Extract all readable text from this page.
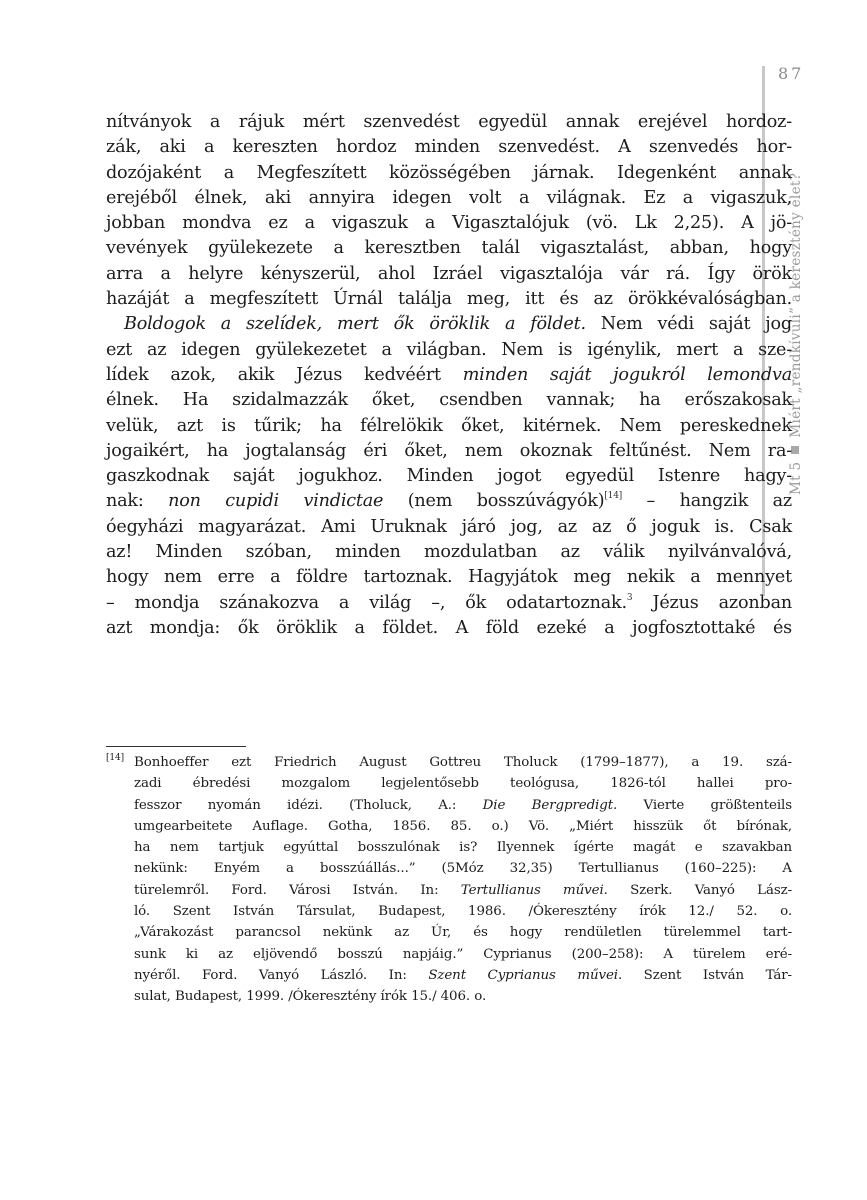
87
Mt 5Miért „rendkívüli” a keresztény élet?
nítványok a rájuk mért szenvedést egyedül annak erejével hordoz-
zák, aki a kereszten hordoz minden szenvedést. A szenvedés hor-
dozójaként a Megfeszített közösségében járnak. Idegenként annak
erejéből élnek, aki annyira idegen volt a világnak. Ez a vigaszuk,
jobban mondva ez a vigaszuk a Vigasztalójuk (vö. Lk 2,25). A jö-
vevények gyülekezete a keresztben talál vigasztalást, abban, hogy
arra a helyre kényszerül, ahol Izráel vigasztalója vár rá. Így örök
hazáját a megfeszített Úrnál találja meg, itt és az örökkévalóságban.
Boldogok a szelídek, mert ők öröklik a földet. Nem védi saját jog
ezt az idegen gyülekezetet a világban. Nem is igénylik, mert a sze-
lídek azok, akik Jézus kedvéért minden saját jogukról lemondva
élnek. Ha szidalmazzák őket, csendben vannak; ha erőszakosak
velük, azt is tűrik; ha félrelökik őket, kitérnek. Nem pereskednek
jogaikért, ha jogtalanság éri őket, nem okoznak feltűnést. Nem ra-
gaszkodnak saját jogukhoz. Minden jogot egyedül Istenre hagy-
nak: non cupidi vindictae (nem bosszúvágyók)[14] – hangzik az
óegyházi magyarázat. Ami Uruknak járó jog, az az ő joguk is. Csak
az! Minden szóban, minden mozdulatban az válik nyilvánvalóvá,
hogy nem erre a földre tartoznak. Hagyjátok meg nekik a mennyet
– mondja szánakozva a világ –, ők odatartoznak.$^3$ Jézus azonban
azt mondja: ők öröklik a földet. A föld ezeké a jogfosztottaké és
[14] Bonhoeffer ezt Friedrich August Gottreu Tholuck (1799–1877), a 19. szá-
zadi ébredési mozgalom legjelentősebb teológusa, 1826-tól hallei pro-
fesszor nyomán idézi. (Tholuck, A.: Die Bergpredigt. Vierte größtenteils
umgearbeitete Auflage. Gotha, 1856. 85. o.) Vö. „Miért hisszük őt bírónak,
ha nem tartjuk egyúttal bosszulónak is? Ilyennek ígérte magát e szavakban
nekünk: Enyém a bosszúállás...” (5Móz 32,35) Tertullianus (160–225): A
türelemről. Ford. Városi István. In: Tertullianus művei. Szerk. Vanyó Lász-
ló. Szent István Társulat, Budapest, 1986. /Ókeresztény írók 12./ 52. o.
„Várakozást parancsol nekünk az Úr, és hogy rendületlen türelemmel tart-
sunk ki az eljövendő bosszú napjáig.” Cyprianus (200–258): A türelem eré-
nyéről. Ford. Vanyó László. In: Szent Cyprianus művei. Szent István Tár-
sulat, Budapest, 1999. /Ókeresztény írók 15./ 406. o.
